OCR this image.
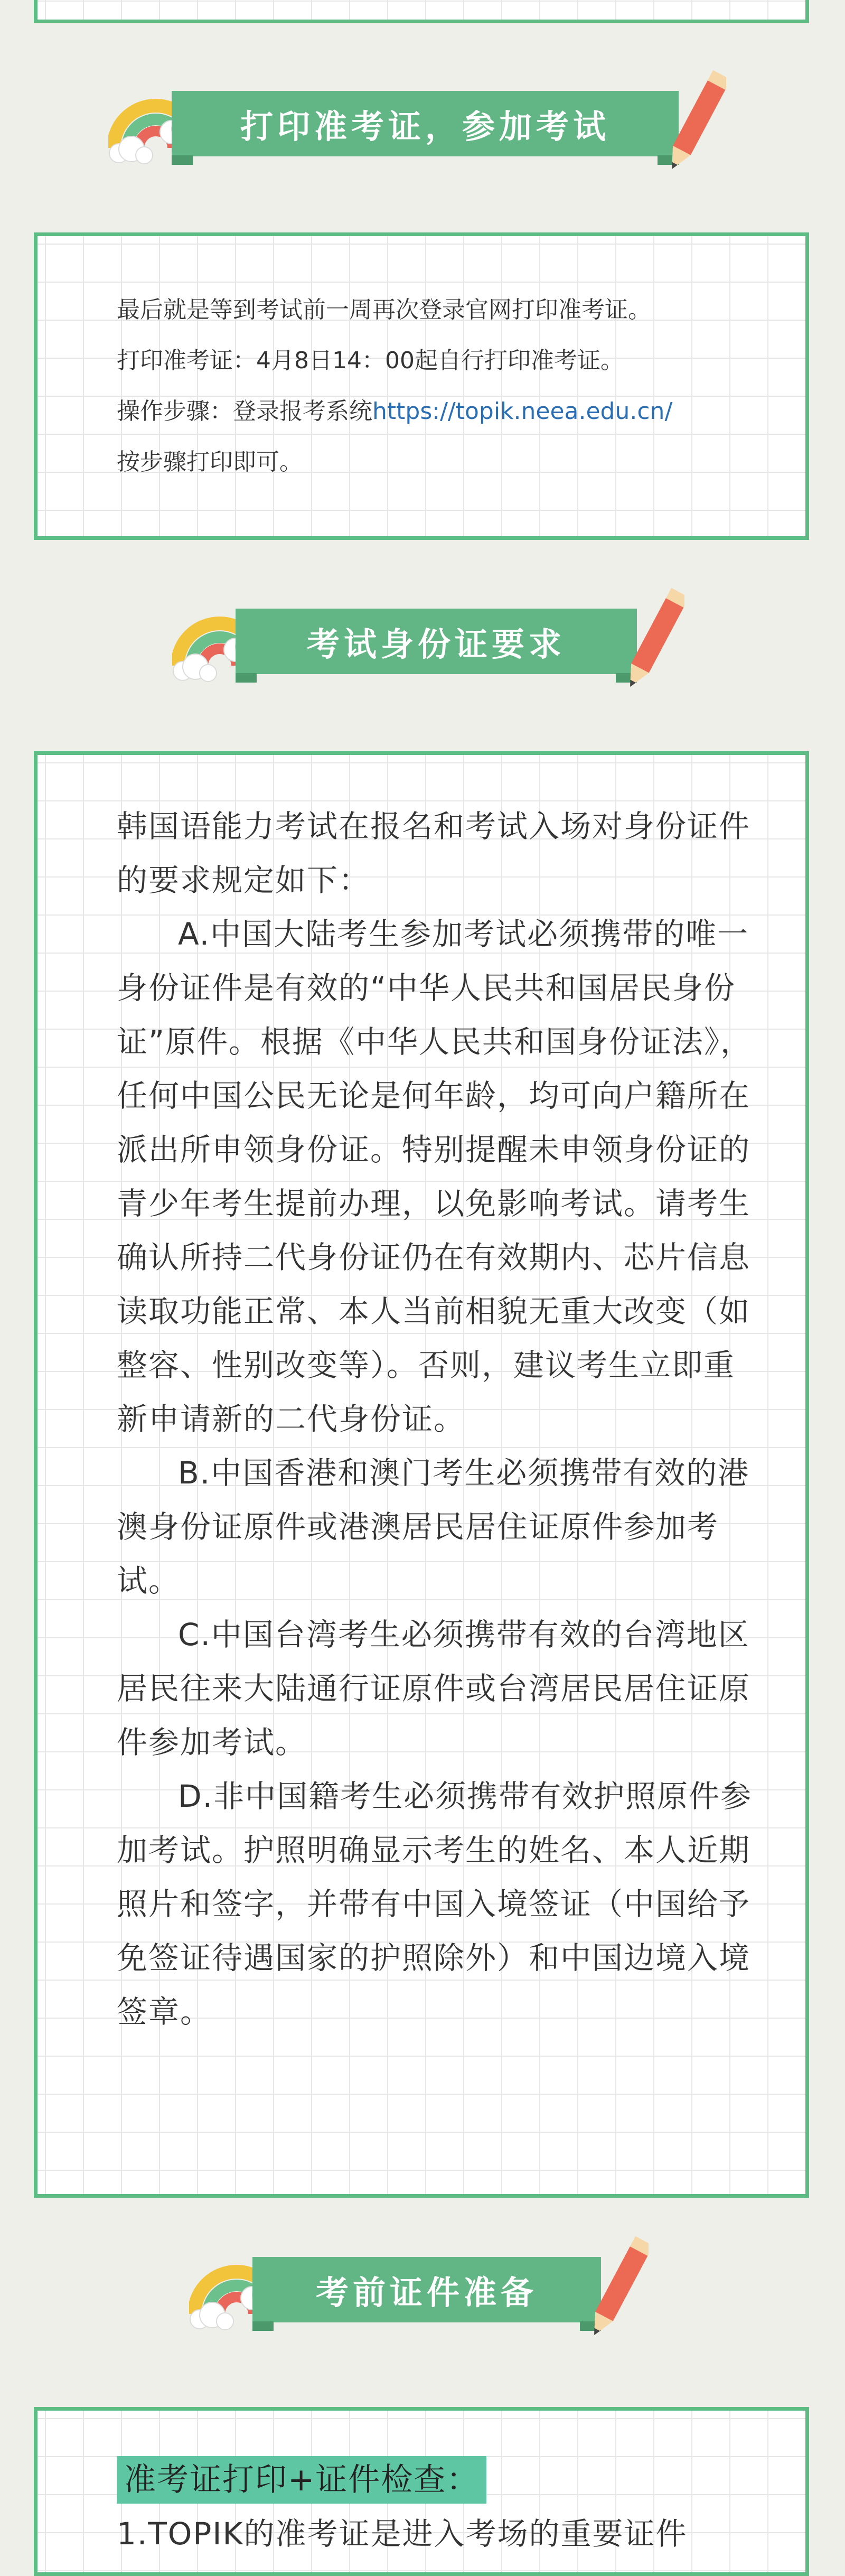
打印准考证，参加考试

最后就是等到考试前一周再次登录官网打印准考证。

打印准考证：4月8日14：00起自行打印准考证。

操作步骤：登录报考系统https://topik.neea.edu.cn/

按步骤打印即可。

考试身份证要求

韩国语能力考试在报名和考试入场对身份证件的要求规定如下：

A.中国大陆考生参加考试必须携带的唯一身份证件是有效的“中华人民共和国居民身份证”原件。根据《中华人民共和国身份证法》，任何中国公民无论是何年龄，均可向户籍所在派出所申领身份证。特别提醒未申领身份证的青少年考生提前办理，以免影响考试。请考生确认所持二代身份证仍在有效期内、芯片信息读取功能正常、本人当前相貌无重大改变（如整容、性别改变等）。否则，建议考生立即重新申请新的二代身份证。

B.中国香港和澳门考生必须携带有效的港澳身份证原件或港澳居民居住证原件参加考试。

C.中国台湾考生必须携带有效的台湾地区居民往来大陆通行证原件或台湾居民居住证原件参加考试。

D.非中国籍考生必须携带有效护照原件参加考试。护照明确显示考生的姓名、本人近期照片和签字，并带有中国入境签证（中国给予免签证待遇国家的护照除外）和中国边境入境签章。

考前证件准备

准考证打印+证件检查：

1.TOPIK的准考证是进入考场的重要证件
